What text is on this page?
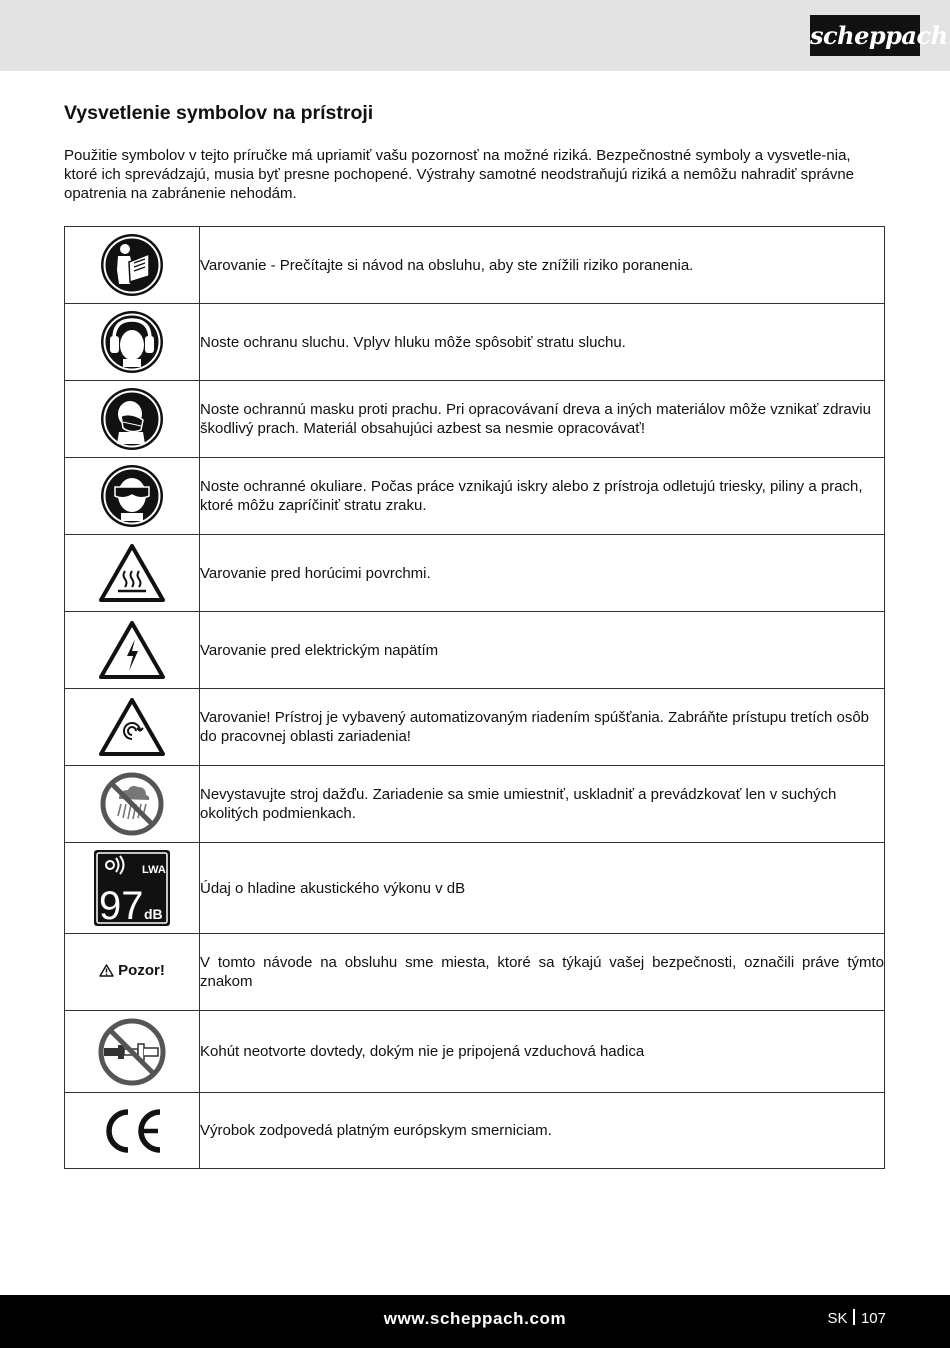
scheppach
Vysvetlenie symbolov na prístroji

Použitie symbolov v tejto príručke má upriamiť vašu pozornosť na možné riziká. Bezpečnostné symboly a vysvetle-nia, ktoré ich sprevádzajú, musia byť presne pochopené. Výstrahy samotné neodstraňujú riziká a nemôžu nahradiť správne opatrenia na zabránenie nehodám.

	Varovanie - Prečítajte si návod na obsluhu, aby ste znížili riziko poranenia.

	Noste ochranu sluchu. Vplyv hluku môže spôsobiť stratu sluchu.

	Noste ochrannú masku proti prachu. Pri opracovávaní dreva a iných materiálov môže vznikať zdraviu škodlivý prach. Materiál obsahujúci azbest sa nesmie opracovávať!

	Noste ochranné okuliare. Počas práce vznikajú iskry alebo z prístroja odletujú triesky, piliny a prach, ktoré môžu zapríčiniť stratu zraku.

	Varovanie pred horúcimi povrchmi.

	Varovanie pred elektrickým napätím

	Varovanie! Prístroj je vybavený automatizovaným riadením spúšťania. Zabráňte prístupu tretích osôb do pracovnej oblasti zariadenia!

	Nevystavujte stroj dažďu. Zariadenie sa smie umiestniť, uskladniť a prevádzkovať len v suchých okolitých podmienkach.

LWA
97 dB	Údaj o hladine akustického výkonu v dB

Pozor!	V tomto návode na obsluhu sme miesta, ktoré sa týkajú vašej bezpečnosti, označili práve týmto znakom

	Kohút neotvorte dovtedy, dokým nie je pripojená vzduchová hadica

	Výrobok zodpovedá platným európskym smerniciam.
www.scheppach.com	SK 107
